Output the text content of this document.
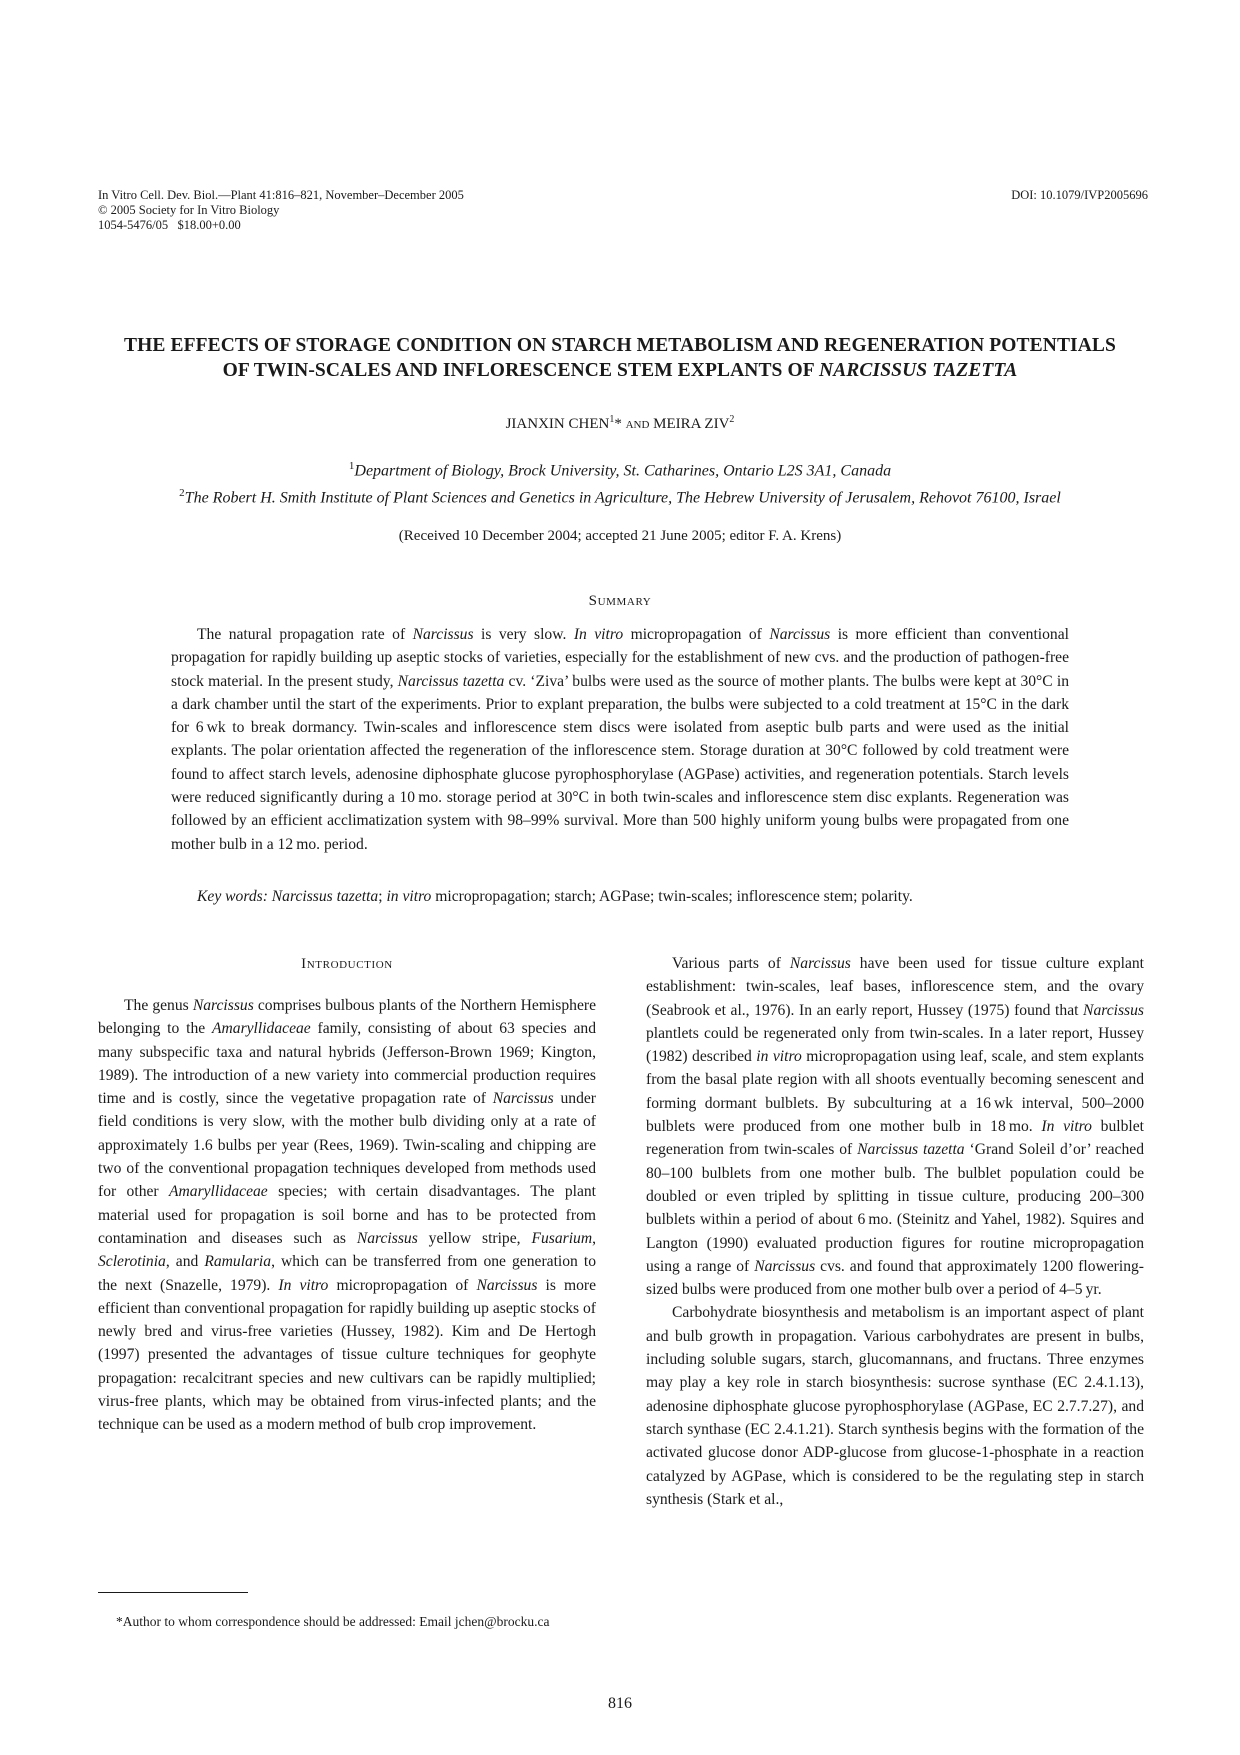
In Vitro Cell. Dev. Biol.—Plant 41:816–821, November–December 2005
© 2005 Society for In Vitro Biology
1054-5476/05   $18.00+0.00
DOI: 10.1079/IVP2005696
THE EFFECTS OF STORAGE CONDITION ON STARCH METABOLISM AND REGENERATION POTENTIALS
OF TWIN-SCALES AND INFLORESCENCE STEM EXPLANTS OF NARCISSUS TAZETTA
JIANXIN CHEN$^1$* and MEIRA ZIV$^2$
$^1$Department of Biology, Brock University, St. Catharines, Ontario L2S 3A1, Canada
$^2$The Robert H. Smith Institute of Plant Sciences and Genetics in Agriculture, The Hebrew University of Jerusalem, Rehovot 76100, Israel
(Received 10 December 2004; accepted 21 June 2005; editor F. A. Krens)
Summary

The natural propagation rate of Narcissus is very slow. In vitro micropropagation of Narcissus is more efficient than conventional propagation for rapidly building up aseptic stocks of varieties, especially for the establishment of new cvs. and the production of pathogen-free stock material. In the present study, Narcissus tazetta cv. ‘Ziva’ bulbs were used as the source of mother plants. The bulbs were kept at 30°C in a dark chamber until the start of the experiments. Prior to explant preparation, the bulbs were subjected to a cold treatment at 15°C in the dark for 6 wk to break dormancy. Twin-scales and inflorescence stem discs were isolated from aseptic bulb parts and were used as the initial explants. The polar orientation affected the regeneration of the inflorescence stem. Storage duration at 30°C followed by cold treatment were found to affect starch levels, adenosine diphosphate glucose pyrophosphorylase (AGPase) activities, and regeneration potentials. Starch levels were reduced significantly during a 10 mo. storage period at 30°C in both twin-scales and inflorescence stem disc explants. Regeneration was followed by an efficient acclimatization system with 98–99% survival. More than 500 highly uniform young bulbs were propagated from one mother bulb in a 12 mo. period.

Key words: Narcissus tazetta; in vitro micropropagation; starch; AGPase; twin-scales; inflorescence stem; polarity.

Introduction

The genus Narcissus comprises bulbous plants of the Northern Hemisphere belonging to the Amaryllidaceae family, consisting of about 63 species and many subspecific taxa and natural hybrids (Jefferson-Brown 1969; Kington, 1989). The introduction of a new variety into commercial production requires time and is costly, since the vegetative propagation rate of Narcissus under field conditions is very slow, with the mother bulb dividing only at a rate of approximately 1.6 bulbs per year (Rees, 1969). Twin-scaling and chipping are two of the conventional propagation techniques developed from methods used for other Amaryllidaceae species; with certain disadvantages. The plant material used for propagation is soil borne and has to be protected from contamination and diseases such as Narcissus yellow stripe, Fusarium, Sclerotinia, and Ramularia, which can be transferred from one generation to the next (Snazelle, 1979). In vitro micropropagation of Narcissus is more efficient than conventional propagation for rapidly building up aseptic stocks of newly bred and virus-free varieties (Hussey, 1982). Kim and De Hertogh (1997) presented the advantages of tissue culture techniques for geophyte propagation: recalcitrant species and new cultivars can be rapidly multiplied; virus-free plants, which may be obtained from virus-infected plants; and the technique can be used as a modern method of bulb crop improvement.

*Author to whom correspondence should be addressed: Email jchen@brocku.ca

Various parts of Narcissus have been used for tissue culture explant establishment: twin-scales, leaf bases, inflorescence stem, and the ovary (Seabrook et al., 1976). In an early report, Hussey (1975) found that Narcissus plantlets could be regenerated only from twin-scales. In a later report, Hussey (1982) described in vitro micropropagation using leaf, scale, and stem explants from the basal plate region with all shoots eventually becoming senescent and forming dormant bulblets. By subculturing at a 16 wk interval, 500–2000 bulblets were produced from one mother bulb in 18 mo. In vitro bulblet regeneration from twin-scales of Narcissus tazetta ‘Grand Soleil d’or’ reached 80–100 bulblets from one mother bulb. The bulblet population could be doubled or even tripled by splitting in tissue culture, producing 200–300 bulblets within a period of about 6 mo. (Steinitz and Yahel, 1982). Squires and Langton (1990) evaluated production figures for routine micropropagation using a range of Narcissus cvs. and found that approximately 1200 flowering-sized bulbs were produced from one mother bulb over a period of 4–5 yr.

Carbohydrate biosynthesis and metabolism is an important aspect of plant and bulb growth in propagation. Various carbohydrates are present in bulbs, including soluble sugars, starch, glucomannans, and fructans. Three enzymes may play a key role in starch biosynthesis: sucrose synthase (EC 2.4.1.13), adenosine diphosphate glucose pyrophosphorylase (AGPase, EC 2.7.7.27), and starch synthase (EC 2.4.1.21). Starch synthesis begins with the formation of the activated glucose donor ADP-glucose from glucose-1-phosphate in a reaction catalyzed by AGPase, which is considered to be the regulating step in starch synthesis (Stark et al.,

816
